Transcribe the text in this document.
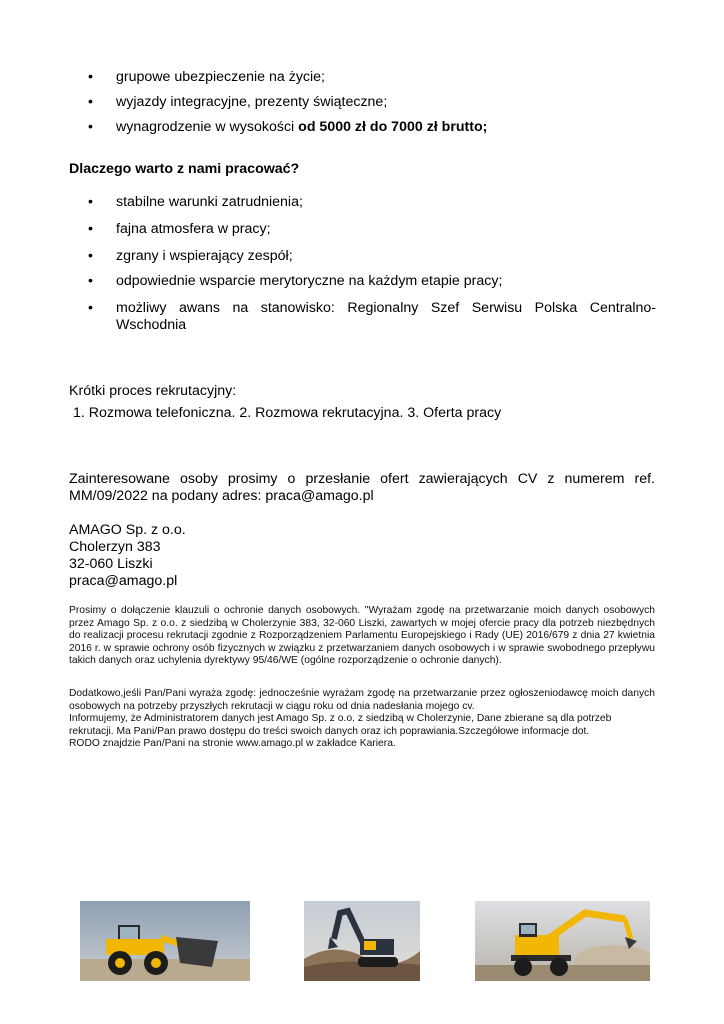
• grupowe ubezpieczenie na życie;
• wyjazdy integracyjne, prezenty świąteczne;
• wynagrodzenie w wysokości od 5000 zł do 7000 zł brutto;
Dlaczego warto z nami pracować?
• stabilne warunki zatrudnienia;
• fajna atmosfera w pracy;
• zgrany i wspierający zespół;
• odpowiednie wsparcie merytoryczne na każdym etapie pracy;
• możliwy awans na stanowisko: Regionalny Szef Serwisu Polska Centralno-Wschodnia
Krótki proces rekrutacyjny:
1. Rozmowa telefoniczna. 2. Rozmowa rekrutacyjna. 3. Oferta pracy
Zainteresowane osoby prosimy o przesłanie ofert zawierających CV z numerem ref. MM/09/2022 na podany adres: praca@amago.pl
AMAGO Sp. z o.o.
Cholerzyn 383
32-060 Liszki
praca@amago.pl
Prosimy o dołączenie klauzuli o ochronie danych osobowych. "Wyrażam zgodę na przetwarzanie moich danych osobowych przez Amago Sp. z o.o. z siedzibą w Cholerzynie 383, 32-060 Liszki, zawartych w mojej ofercie pracy dla potrzeb niezbędnych do realizacji procesu rekrutacji zgodnie z Rozporządzeniem Parlamentu Europejskiego i Rady (UE) 2016/679 z dnia 27 kwietnia 2016 r. w sprawie ochrony osób fizycznych w związku z przetwarzaniem danych osobowych i w sprawie swobodnego przepływu takich danych oraz uchylenia dyrektywy 95/46/WE (ogólne rozporządzenie o ochronie danych).
Dodatkowo,jeśli Pan/Pani wyraża zgodę: jednocześnie wyrażam zgodę na przetwarzanie przez ogłoszeniodawcę moich danych osobowych na potrzeby przyszłych rekrutacji w ciągu roku od dnia nadesłania mojego cv.
Informujemy, że Administratorem danych jest Amago Sp. z o.o. z siedzibą w Cholerzynie, Dane zbierane są dla potrzeb rekrutacji. Ma Pani/Pan prawo dostępu do treści swoich danych oraz ich poprawiania.Szczegółowe informacje dot.
RODO znajdzie Pan/Pani na stronie www.amago.pl w zakładce Kariera.
